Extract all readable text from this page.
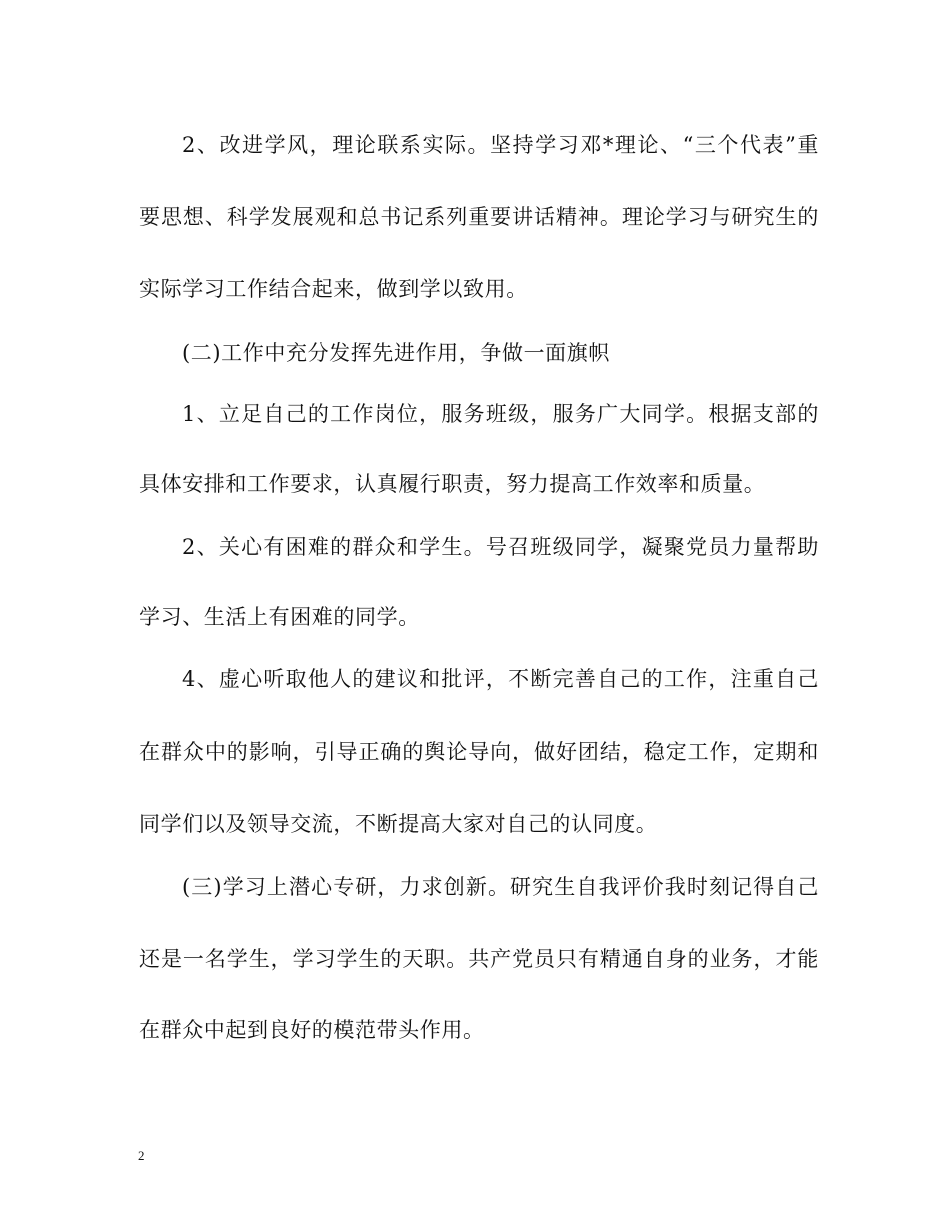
2、改进学风，理论联系实际。坚持学习邓*理论、“三个代表”重
要思想、科学发展观和总书记系列重要讲话精神。理论学习与研究生的
实际学习工作结合起来，做到学以致用。
(二)工作中充分发挥先进作用，争做一面旗帜
1、立足自己的工作岗位，服务班级，服务广大同学。根据支部的
具体安排和工作要求，认真履行职责，努力提高工作效率和质量。
2、关心有困难的群众和学生。号召班级同学，凝聚党员力量帮助
学习、生活上有困难的同学。
4、虚心听取他人的建议和批评，不断完善自己的工作，注重自己
在群众中的影响，引导正确的舆论导向，做好团结，稳定工作，定期和
同学们以及领导交流，不断提高大家对自己的认同度。
(三)学习上潜心专研，力求创新。研究生自我评价我时刻记得自己
还是一名学生，学习学生的天职。共产党员只有精通自身的业务，才能
在群众中起到良好的模范带头作用。
2
